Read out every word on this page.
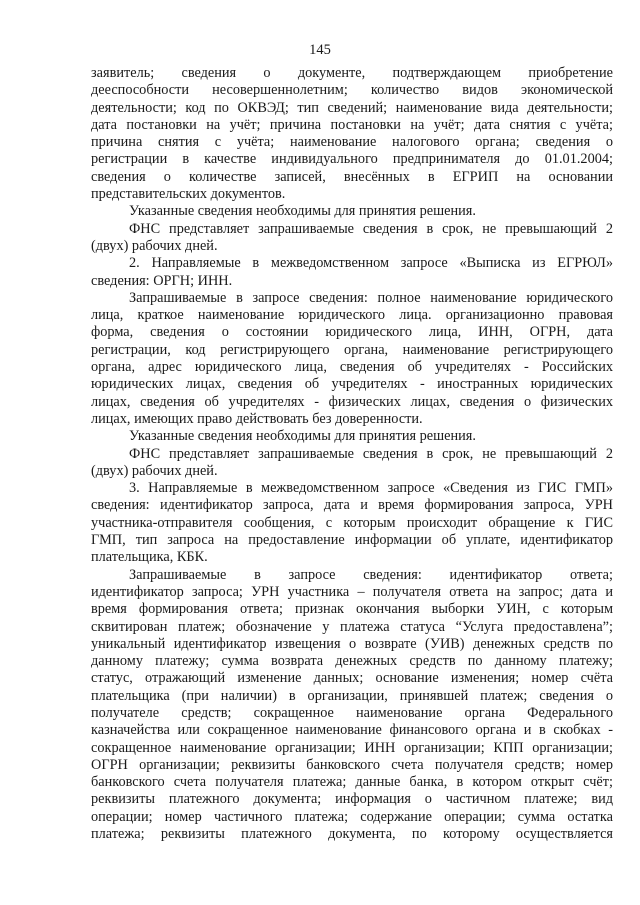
145
заявитель; сведения о документе, подтверждающем приобретение
дееспособности несовершеннолетним; количество видов экономической
деятельности; код по ОКВЭД; тип сведений; наименование вида деятельности;
дата постановки на учёт; причина постановки на учёт; дата снятия с учёта;
причина снятия с учёта; наименование налогового органа; сведения о
регистрации в качестве индивидуального предпринимателя до 01.01.2004;
сведения о количестве записей, внесённых в ЕГРИП на основании
представительских документов.
Указанные сведения необходимы для принятия решения.
ФНС представляет запрашиваемые сведения в срок, не превышающий 2
(двух) рабочих дней.
2. Направляемые в межведомственном запросе «Выписка из ЕГРЮЛ»
сведения: ОРГН; ИНН.
Запрашиваемые в запросе сведения: полное наименование юридического
лица, краткое наименование юридического лица. организационно правовая
форма, сведения о состоянии юридического лица, ИНН, ОГРН, дата
регистрации, код регистрирующего органа, наименование регистрирующего
органа, адрес юридического лица, сведения об учредителях - Российских
юридических лицах, сведения об учредителях - иностранных юридических
лицах, сведения об учредителях - физических лицах, сведения о физических
лицах, имеющих право действовать без доверенности.
Указанные сведения необходимы для принятия решения.
ФНС представляет запрашиваемые сведения в срок, не превышающий 2
(двух) рабочих дней.
3. Направляемые в межведомственном запросе «Сведения из ГИС ГМП»
сведения: идентификатор запроса, дата и время формирования запроса, УРН
участника-отправителя сообщения, с которым происходит обращение к ГИС
ГМП, тип запроса на предоставление информации об уплате, идентификатор
плательщика, КБК.
Запрашиваемые в запросе сведения: идентификатор ответа;
идентификатор запроса; УРН участника – получателя ответа на запрос; дата и
время формирования ответа; признак окончания выборки УИН, с которым
сквитирован платеж; обозначение у платежа статуса “Услуга предоставлена”;
уникальный идентификатор извещения о возврате (УИВ) денежных средств по
данному платежу; сумма возврата денежных средств по данному платежу;
статус, отражающий изменение данных; основание изменения; номер счёта
плательщика (при наличии) в организации, принявшей платеж; сведения о
получателе средств; сокращенное наименование органа Федерального
казначейства или сокращенное наименование финансового органа и в скобках -
сокращенное наименование организации; ИНН организации; КПП организации;
ОГРН организации; реквизиты банковского счета получателя средств; номер
банковского счета получателя платежа; данные банка, в котором открыт счёт;
реквизиты платежного документа; информация о частичном платеже; вид
операции; номер частичного платежа; содержание операции; сумма остатка
платежа; реквизиты платежного документа, по которому осуществляется
